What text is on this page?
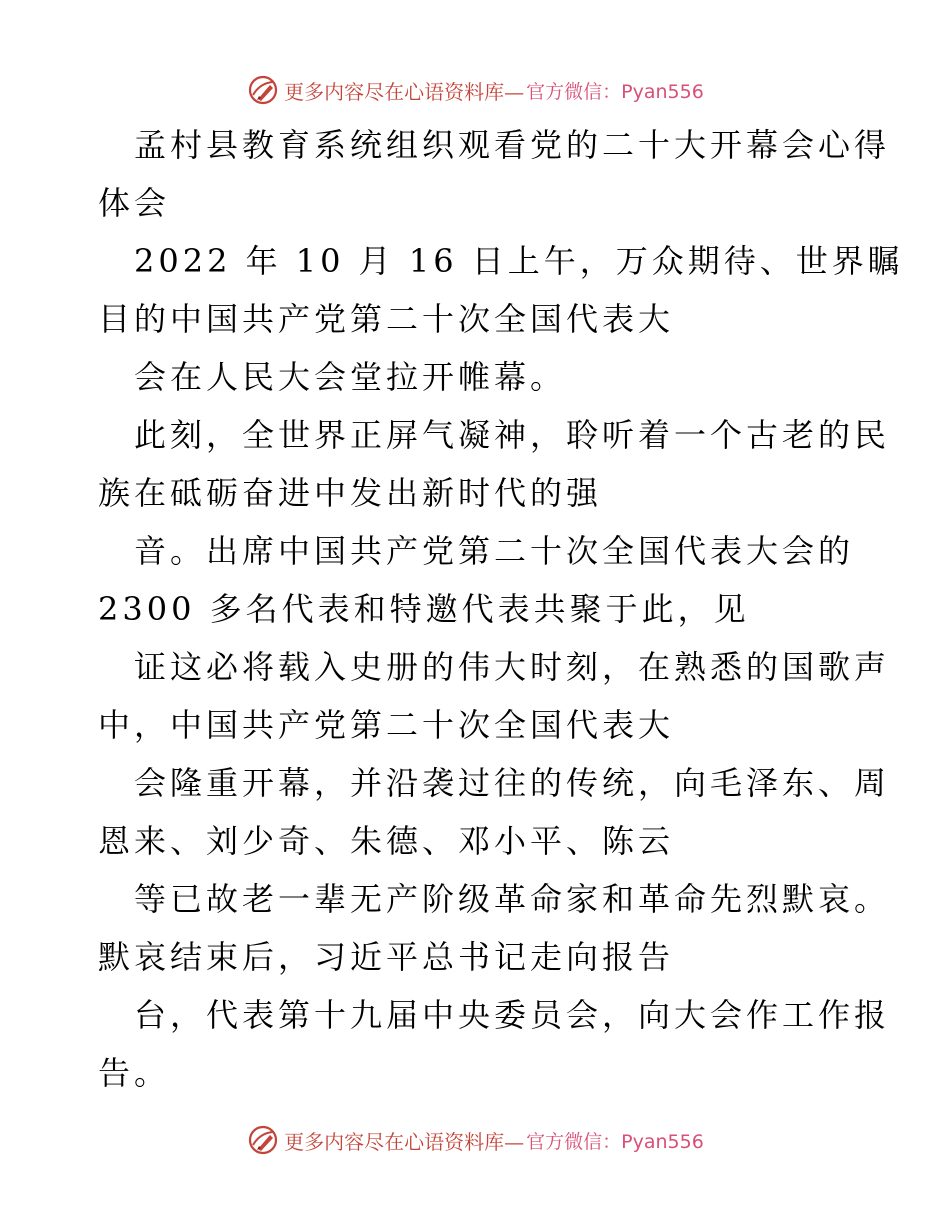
更多内容尽在心语资料库— 官方微信：Pyan556
孟村县教育系统组织观看党的二十大开幕会心得
体会
2022 年 10 月 16 日上午，万众期待、世界瞩
目的中国共产党第二十次全国代表大
会在人民大会堂拉开帷幕。
此刻，全世界正屏气凝神，聆听着一个古老的民
族在砥砺奋进中发出新时代的强
音。出席中国共产党第二十次全国代表大会的
2300 多名代表和特邀代表共聚于此，见
证这必将载入史册的伟大时刻，在熟悉的国歌声
中，中国共产党第二十次全国代表大
会隆重开幕，并沿袭过往的传统，向毛泽东、周
恩来、刘少奇、朱德、邓小平、陈云
等已故老一辈无产阶级革命家和革命先烈默哀。
默哀结束后，习近平总书记走向报告
台，代表第十九届中央委员会，向大会作工作报
告。
更多内容尽在心语资料库— 官方微信：Pyan556
